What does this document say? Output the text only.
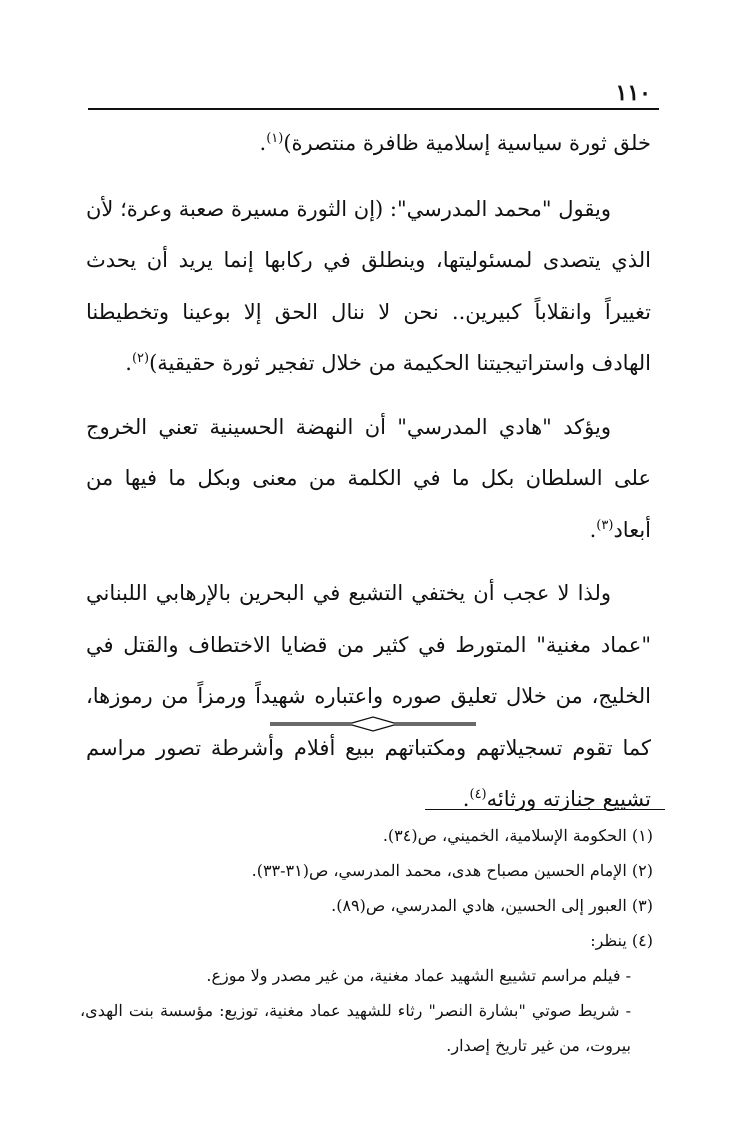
١١٠

خلق ثورة سياسية إسلامية ظافرة منتصرة)$^{(١)}$.

ويقول "محمد المدرسي": (إن الثورة مسيرة صعبة وعرة؛ لأن الذي يتصدى لمسئوليتها، وينطلق في ركابها إنما يريد أن يحدث تغييراً وانقلاباً كبيرين.. نحن لا ننال الحق إلا بوعينا وتخطيطنا الهادف واستراتيجيتنا الحكيمة من خلال تفجير ثورة حقيقية)$^{(٢)}$.

ويؤكد "هادي المدرسي" أن النهضة الحسينية تعني الخروج على السلطان بكل ما في الكلمة من معنى وبكل ما فيها من أبعاد$^{(٣)}$.

ولذا لا عجب أن يختفي التشيع في البحرين بالإرهابي اللبناني "عماد مغنية" المتورط في كثير من قضايا الاختطاف والقتل في الخليج، من خلال تعليق صوره واعتباره شهيداً ورمزاً من رموزها، كما تقوم تسجيلاتهم ومكتباتهم ببيع أفلام وأشرطة تصور مراسم تشييع جنازته ورثائه$^{(٤)}$.

(١) الحكومة الإسلامية، الخميني، ص(٣٤).

(٢) الإمام الحسين مصباح هدى، محمد المدرسي، ص(٣١-٣٣).

(٣) العبور إلى الحسين، هادي المدرسي، ص(٨٩).

(٤) ينظر:

- فيلم مراسم تشييع الشهيد عماد مغنية، من غير مصدر ولا موزع.

- شريط صوتي "بشارة النصر" رثاء للشهيد عماد مغنية، توزيع: مؤسسة بنت الهدى، بيروت، من غير تاريخ إصدار.
